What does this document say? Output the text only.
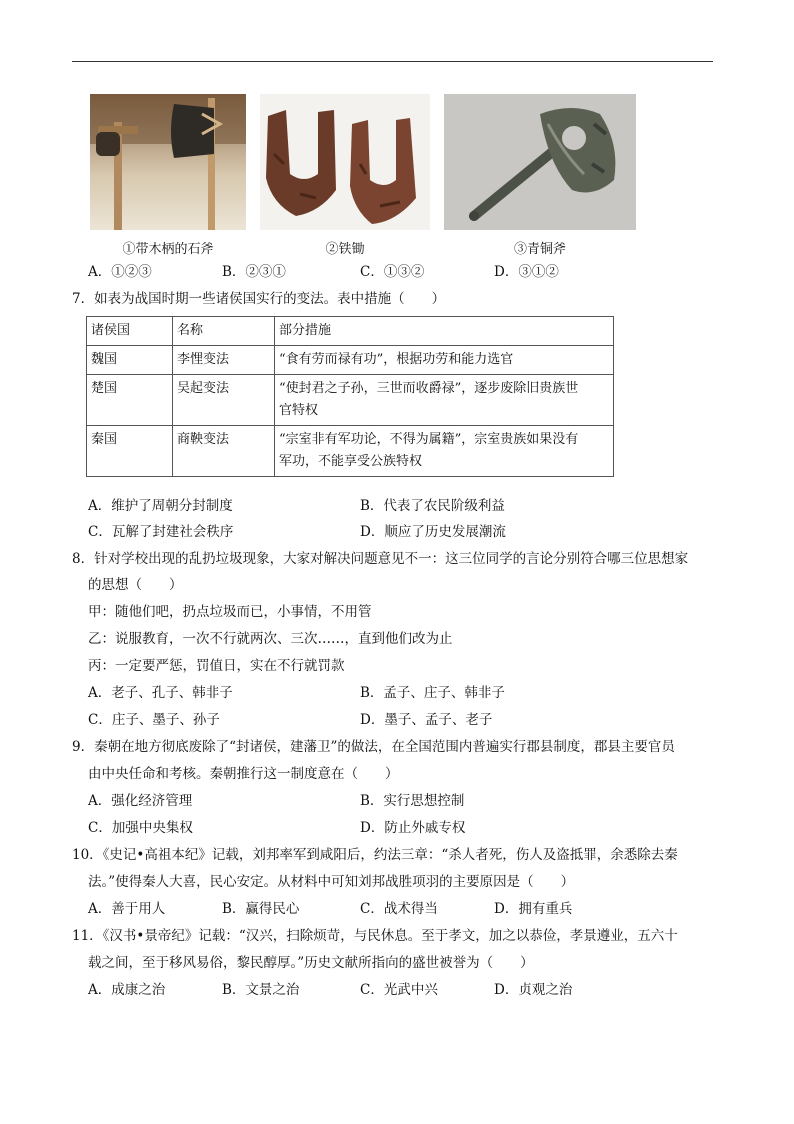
①带木柄的石斧	②铁锄	③青铜斧
A．①②③	B．②③①	C．①③②	D．③①②
7．如表为战国时期一些诸侯国实行的变法。表中措施（　　）
诸侯国	名称	部分措施
魏国	李悝变法	“食有劳而禄有功”，根据功劳和能力选官

楚国	吴起变法	“使封君之子孙，三世而收爵禄”，逐步废除旧贵族世
官特权

秦国	商鞅变法	“宗室非有军功论，不得为属籍”，宗室贵族如果没有
军功，不能享受公族特权
A．维护了周朝分封制度	B．代表了农民阶级利益
C．瓦解了封建社会秩序	D．顺应了历史发展潮流
8．针对学校出现的乱扔垃圾现象，大家对解决问题意见不一：这三位同学的言论分别符合哪三位思想家
的思想（　　）
甲：随他们吧，扔点垃圾而已，小事情，不用管
乙：说服教育，一次不行就两次、三次……，直到他们改为止
丙：一定要严惩，罚值日，实在不行就罚款
A．老子、孔子、韩非子	B．孟子、庄子、韩非子
C．庄子、墨子、孙子	D．墨子、孟子、老子
9．秦朝在地方彻底废除了“封诸侯，建藩卫”的做法，在全国范围内普遍实行郡县制度，郡县主要官员
由中央任命和考核。秦朝推行这一制度意在（　　）
A．强化经济管理	B．实行思想控制
C．加强中央集权	D．防止外戚专权
10．《史记•高祖本纪》记载，刘邦率军到咸阳后，约法三章：“杀人者死，伤人及盗抵罪，余悉除去秦
法。”使得秦人大喜，民心安定。从材料中可知刘邦战胜项羽的主要原因是（　　）
A．善于用人	B．赢得民心	C．战术得当	D．拥有重兵
11．《汉书•景帝纪》记载：“汉兴，扫除烦苛，与民休息。至于孝文，加之以恭俭，孝景遵业，五六十
载之间，至于移风易俗，黎民醇厚。”历史文献所指向的盛世被誉为（　　）
A．成康之治	B．文景之治	C．光武中兴	D．贞观之治
